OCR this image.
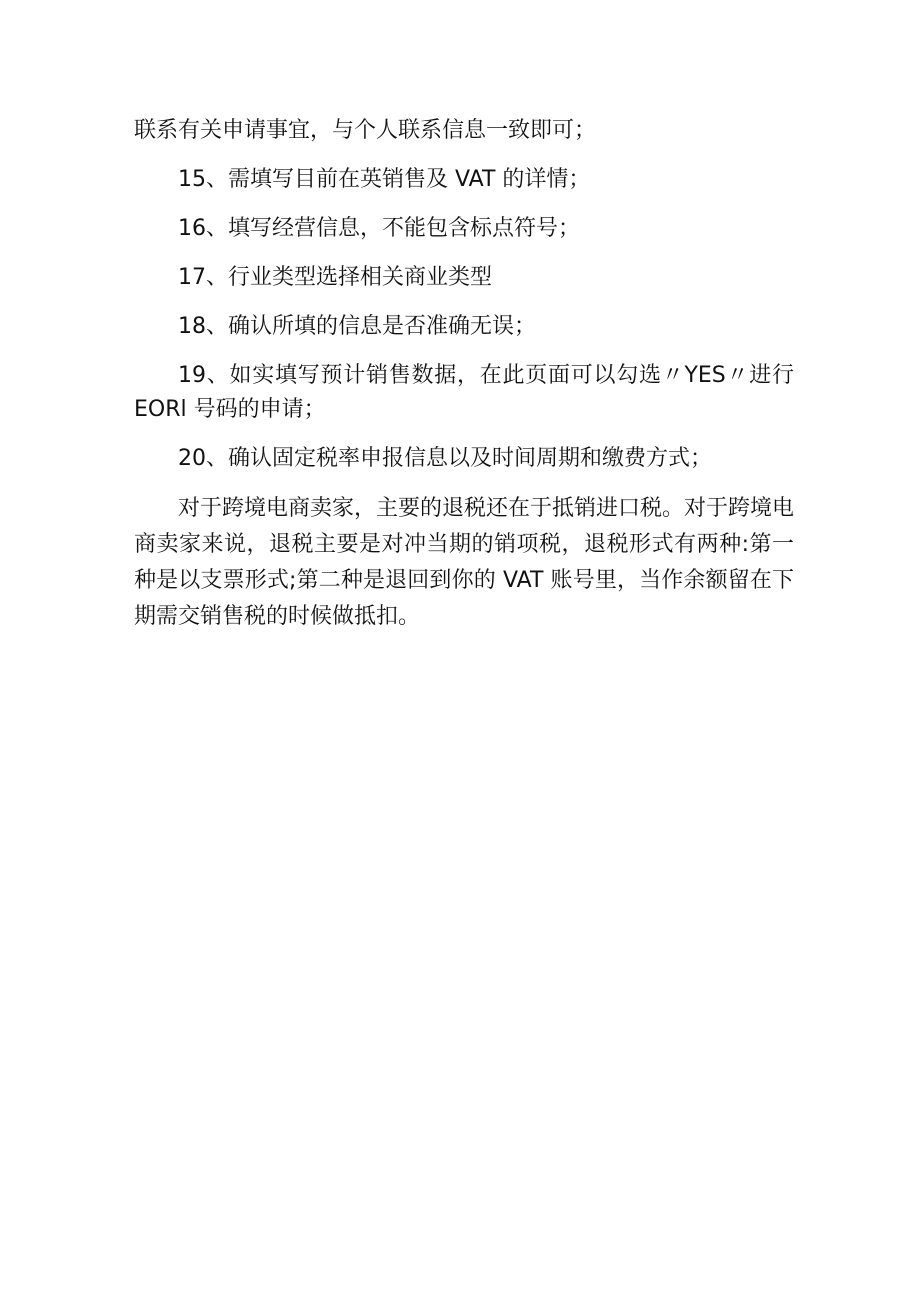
联系有关申请事宜，与个人联系信息一致即可；

15、需填写目前在英销售及 VAT 的详情；

16、填写经营信息，不能包含标点符号；

17、行业类型选择相关商业类型

18、确认所填的信息是否准确无误；

19、如实填写预计销售数据，在此页面可以勾选〃YES〃进行 EORl 号码的申请；

20、确认固定税率申报信息以及时间周期和缴费方式；

对于跨境电商卖家，主要的退税还在于抵销进口税。对于跨境电商卖家来说，退税主要是对冲当期的销项税，退税形式有两种:第一种是以支票形式;第二种是退回到你的 VAT 账号里，当作余额留在下期需交销售税的时候做抵扣。
